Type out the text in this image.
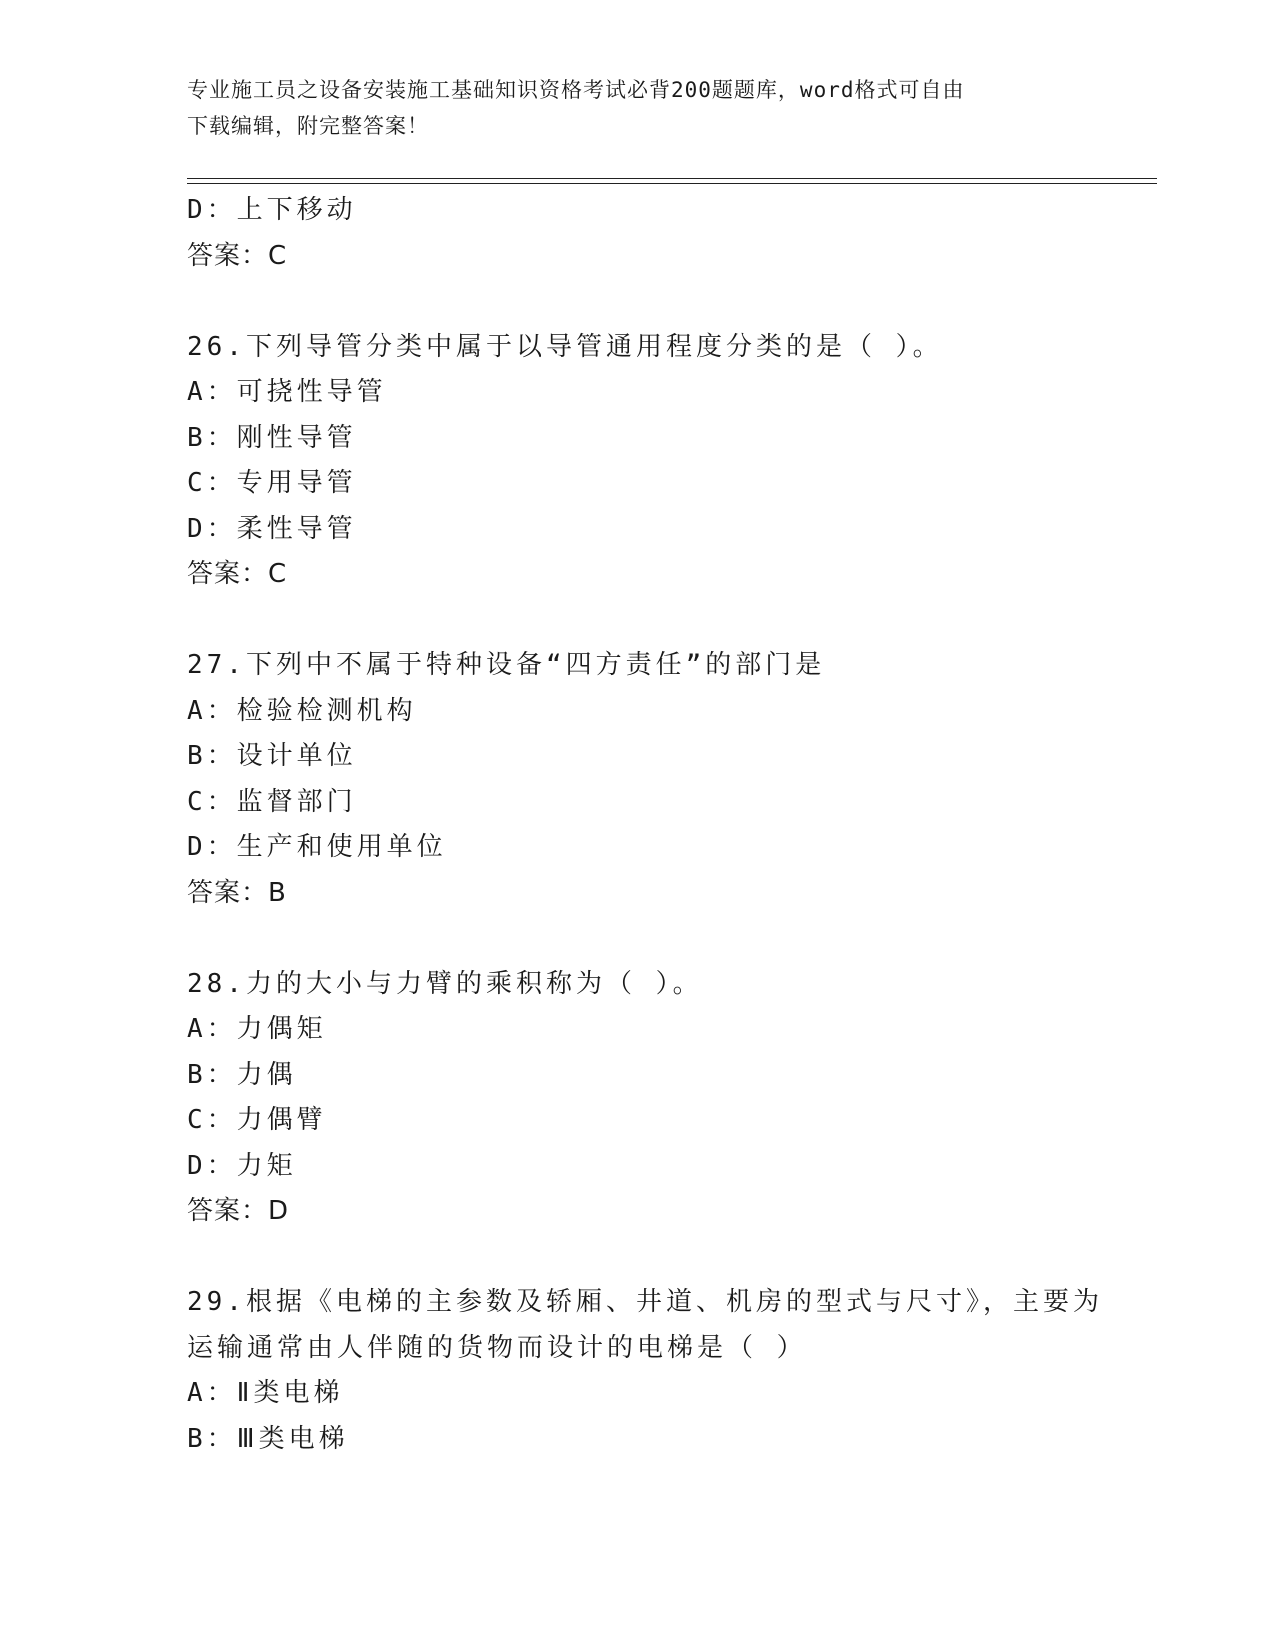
专业施工员之设备安装施工基础知识资格考试必背200题题库，word格式可自由
下载编辑，附完整答案！
D：上下移动
答案：C
26.下列导管分类中属于以导管通用程度分类的是（ ）。
A：可挠性导管
B：刚性导管
C：专用导管
D：柔性导管
答案：C
27.下列中不属于特种设备“四方责任”的部门是
A：检验检测机构
B：设计单位
C：监督部门
D：生产和使用单位
答案：B
28.力的大小与力臂的乘积称为（ ）。
A：力偶矩
B：力偶
C：力偶臂
D：力矩
答案：D
29.根据《电梯的主参数及轿厢、井道、机房的型式与尺寸》，主要为
运输通常由人伴随的货物而设计的电梯是（ ）
A：Ⅱ类电梯
B：Ⅲ类电梯
